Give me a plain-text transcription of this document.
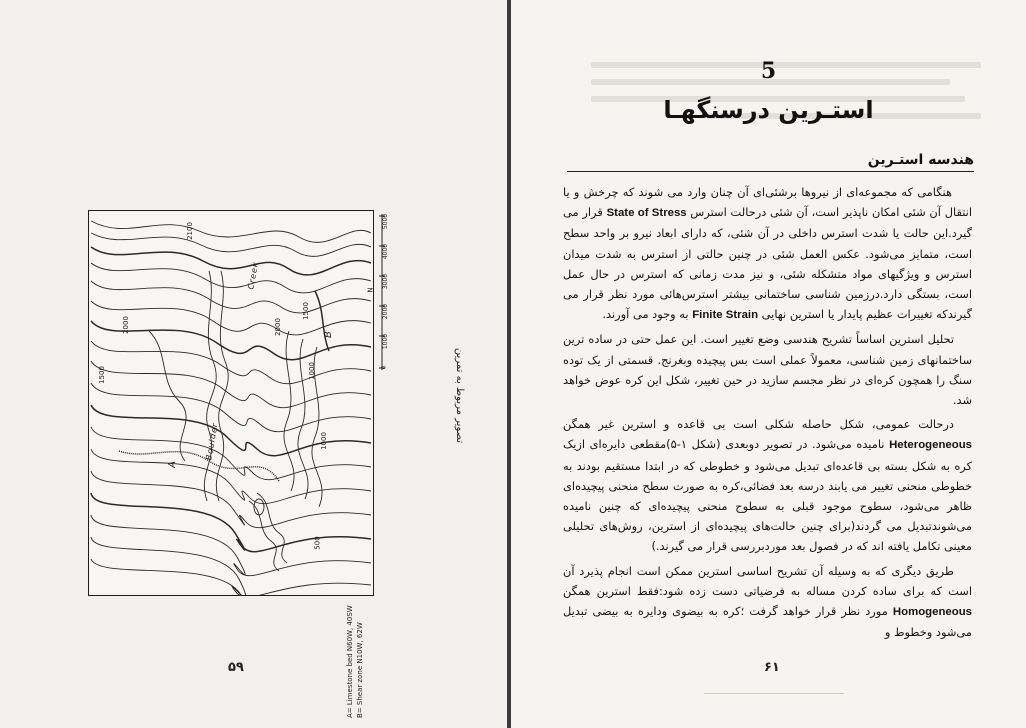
2100
2000
1500
2000
1500
1000
1000
500
A
B
Boulder
Creek
5000
4000
3000
2000
1000
0
N
A= Limestone bed N60W, 40SW B= Shear zone N10W, 62W
تصویر مربوط به تمرین
۵۹
5
استـرین درسنگهـا
هندسه استـرین

هنگامی که مجموعه‌ای از نیروها برشئی‌ای آن چنان وارد می شوند که چرخش و یا انتقال آن شئی امکان ناپذیر است، آن شئی درحالت استرس State of Stress قرار می گیرد.این حالت یا شدت استرس داخلی در آن شئی، که دارای ابعاد نیرو بر واحد سطح است، متمایز می‌شود. عکس العمل شئی در چنین حالتی از استرس به شدت میدان استرس و ویژگیهای مواد متشکله شئی، و نیز مدت زمانی که استرس در حال عمل است، بستگی دارد.درزمین شناسی ساختمانی بیشتر استرس‌هائی مورد نظر قرار می گیرندکه تغییرات عظیم پایدار یا استرین نهایی Finite Strain به وجود می آورند.

تحلیل استرین اساساً تشریح هندسی وضع تغییر است. این عمل حتی در ساده ترین ساختمانهای زمین شناسی، معمولاً عملی است بس پیچیده وبغرنج. قسمتی از یک توده سنگ را همچون کره‌ای در نظر مجسم سازید در حین تغییر، شکل این کره عوض خواهد شد.

درحالت عمومی، شکل حاصله شکلی است بی قاعده و استرین غیر همگن Heterogeneous نامیده می‌شود. در تصویر دوبعدی (شکل ۱-۵)مقطعی دایره‌ای ازیک کره به شکل بسته بی قاعده‌ای تبدیل می‌شود و خطوطی که در ابتدا مستقیم بودند به خطوطی منحنی تغییر می یابند درسه بعد فضائی،کره به صورت سطح منحنی پیچیده‌ای ظاهر می‌شود، سطوح موجود قبلی به سطوح منحنی پیچیده‌ای که چنین نامیده می‌شوندتبدیل می گردند(برای چنین حالت‌های پیچیده‌ای از استرین، روش‌های تحلیلی معینی تکامل یافته اند که در فصول بعد مورد‌بررسی قرار می گیرند.)

طریق دیگری که به وسیله آن تشریح اساسی استرین ممکن است انجام پذیرد آن است که برای ساده کردن مساله به فرضیاتی دست زده شود:فقط استرین همگن Homogeneous مورد نظر قرار خواهد گرفت ؛کره به بیضوی ودایره به بیضی تبدیل می‌شود وخطوط و

۶۱
